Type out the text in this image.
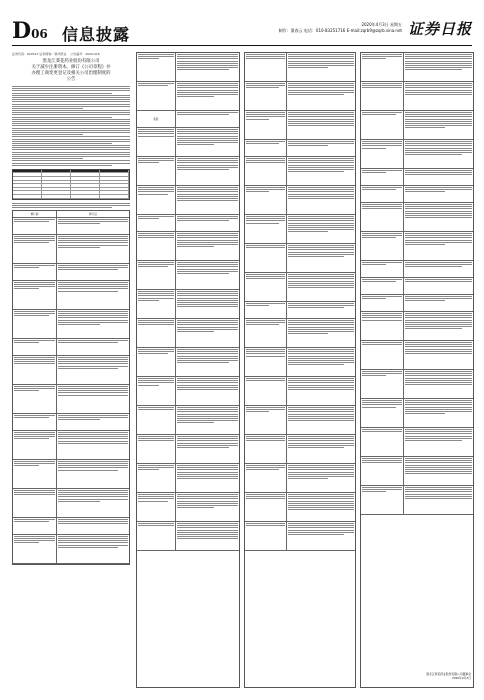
D06 信息披露
2020年4月3日 星期五
制作：董春云 电话：010-83251716 E-mail:zqrb9@zqrb.sina.net 证券日报
证券代码：600513 证券简称：联环药业 公告编号：2020-016
黑龙江葵花药业股份有限公司
关于减少注册资本、修订《公司章程》并
办理工商变更登记及相关公司治理制度的
公告
修订前	修订后
条款
黑龙江葵花药业股份有限公司董事会
2020年4月3日
